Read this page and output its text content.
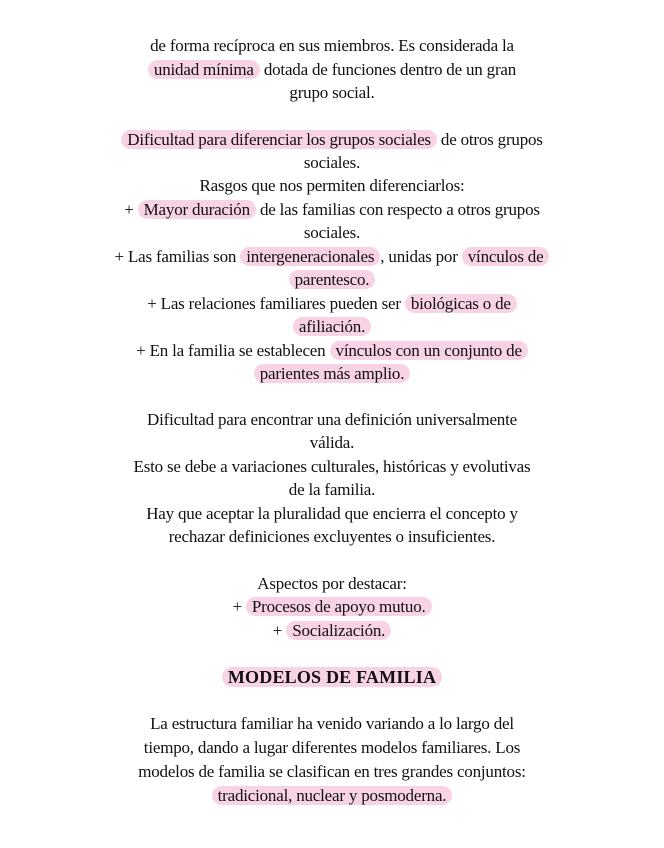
de forma recíproca en sus miembros. Es considerada la
unidad mínima dotada de funciones dentro de un gran
grupo social.
Dificultad para diferenciar los grupos sociales de otros grupos
sociales.
Rasgos que nos permiten diferenciarlos:
+ Mayor duración de las familias con respecto a otros grupos
sociales.
+ Las familias son intergeneracionales , unidas por vínculos de
parentesco.
+ Las relaciones familiares pueden ser biológicas o de
afiliación.
+ En la familia se establecen vínculos con un conjunto de
parientes más amplio.
Dificultad para encontrar una definición universalmente
válida.
Esto se debe a variaciones culturales, históricas y evolutivas
de la familia.
Hay que aceptar la pluralidad que encierra el concepto y
rechazar definiciones excluyentes o insuficientes.
Aspectos por destacar:
+ Procesos de apoyo mutuo.
+ Socialización.
MODELOS DE FAMILIA
La estructura familiar ha venido variando a lo largo del
tiempo, dando a lugar diferentes modelos familiares. Los
modelos de familia se clasifican en tres grandes conjuntos:
tradicional, nuclear y posmoderna.
